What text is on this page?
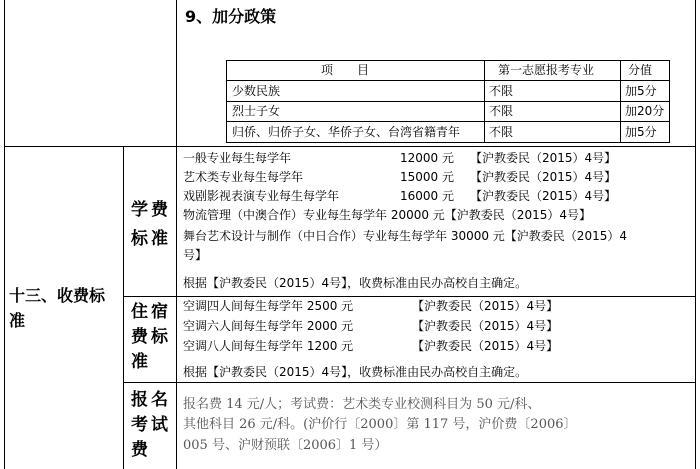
9、加分政策
项　　目	第一志愿报考专业	分值
少数民族	不限	加5分
烈士子女	不限	加20分
归侨、归侨子女、华侨子女、台湾省籍青年 不限	加5分
十三、收费标
准
学费
标准
一般专业每生每学年	12000 元 【沪教委民（2015）4号】
艺术类专业每生每学年	15000 元 【沪教委民（2015）4号】
戏剧影视表演专业每生每学年	16000 元 【沪教委民（2015）4号】
物流管理（中澳合作）专业每生每学年 20000 元【沪教委民（2015）4号】
舞台艺术设计与制作（中日合作）专业每生每学年 30000 元【沪教委民（2015）4
号】
根据【沪教委民（2015）4号】，收费标准由民办高校自主确定。
住宿
费标
准
空调四人间每生每学年 2500 元	【沪教委民（2015）4号】
空调六人间每生每学年 2000 元	【沪教委民（2015）4号】
空调八人间每生每学年 1200 元	【沪教委民（2015）4号】
根据【沪教委民（2015）4号】，收费标准由民办高校自主确定。
报名
考试
费
报名费 14 元/人；考试费：艺术类专业校测科目为 50 元/科、
其他科目 26 元/科。(沪价行〔2000〕第 117 号，沪价费〔2006〕
005 号、沪财预联〔2006〕1 号）
